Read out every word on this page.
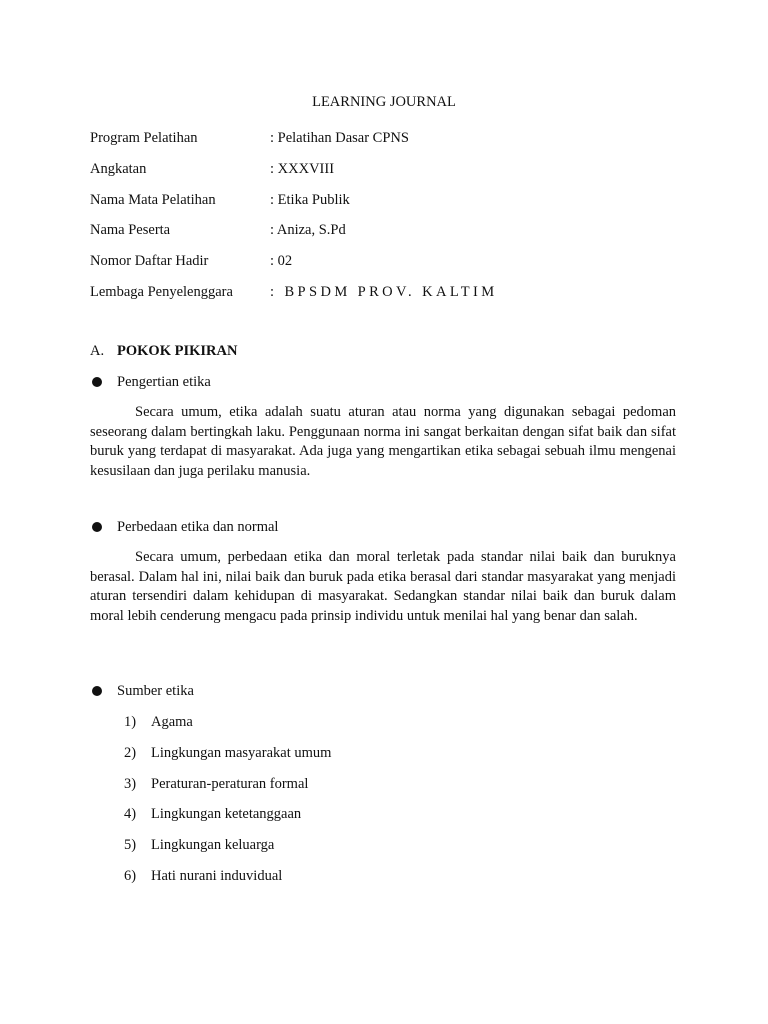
LEARNING JOURNAL
Program Pelatihan	: Pelatihan Dasar CPNS
Angkatan	: XXXVIII
Nama Mata Pelatihan	: Etika Publik
Nama Peserta	: Aniza, S.Pd
Nomor Daftar Hadir	: 02
Lembaga Penyelenggara	: BPSDM PROV. KALTIM
A. POKOK PIKIRAN
Pengertian etika

Secara umum, etika adalah suatu aturan atau norma yang digunakan sebagai pedoman seseorang dalam bertingkah laku. Penggunaan norma ini sangat berkaitan dengan sifat baik dan sifat buruk yang terdapat di masyarakat. Ada juga yang mengartikan etika sebagai sebuah ilmu mengenai kesusilaan dan juga perilaku manusia.

Perbedaan etika dan normal

Secara umum, perbedaan etika dan moral terletak pada standar nilai baik dan buruknya berasal. Dalam hal ini, nilai baik dan buruk pada etika berasal dari standar masyarakat yang menjadi aturan tersendiri dalam kehidupan di masyarakat. Sedangkan standar nilai baik dan buruk dalam moral lebih cenderung mengacu pada prinsip individu untuk menilai hal yang benar dan salah.

Sumber etika
1) Agama
2) Lingkungan masyarakat umum
3) Peraturan-peraturan formal
4) Lingkungan ketetanggaan
5) Lingkungan keluarga
6) Hati nurani induvidual
